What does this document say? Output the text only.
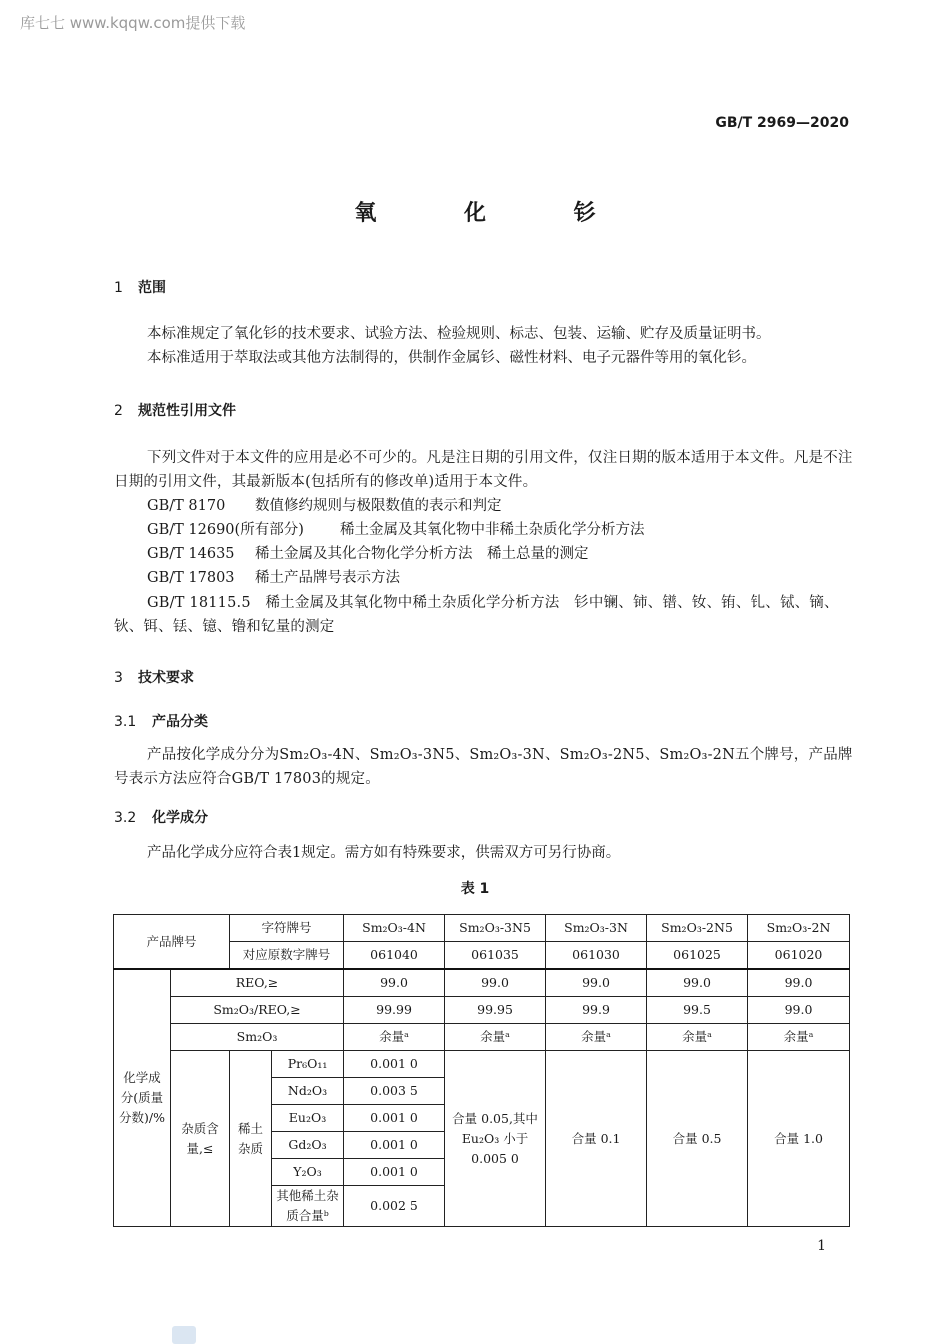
库七七 www.kqqw.com提供下载
GB/T 2969—2020
氧 化 钐
1 范围
本标准规定了氧化钐的技术要求、试验方法、检验规则、标志、包装、运输、贮存及质量证明书。
本标准适用于萃取法或其他方法制得的，供制作金属钐、磁性材料、电子元器件等用的氧化钐。
2 规范性引用文件
下列文件对于本文件的应用是必不可少的。凡是注日期的引用文件，仅注日期的版本适用于本文件。凡是不注日期的引用文件，其最新版本(包括所有的修改单)适用于本文件。
GB/T 8170 数值修约规则与极限数值的表示和判定
GB/T 12690(所有部分) 稀土金属及其氧化物中非稀土杂质化学分析方法
GB/T 14635 稀土金属及其化合物化学分析方法　稀土总量的测定
GB/T 17803 稀土产品牌号表示方法
GB/T 18115.5　稀土金属及其氧化物中稀土杂质化学分析方法　钐中镧、铈、镨、钕、铕、钆、铽、镝、钬、铒、铥、镱、镥和钇量的测定
3 技术要求
3.1 产品分类
产品按化学成分分为Sm₂O₃-4N、Sm₂O₃-3N5、Sm₂O₃-3N、Sm₂O₃-2N5、Sm₂O₃-2N五个牌号，产品牌号表示方法应符合GB/T 17803的规定。
3.2 化学成分
产品化学成分应符合表1规定。需方如有特殊要求，供需双方可另行协商。
表 1
产品牌号		字符牌号		Sm₂O₃-4N	Sm₂O₃-3N5	Sm₂O₃-3N	Sm₂O₃-2N5	Sm₂O₃-2N
		对应原数字牌号		061040	061035	061030	061025	061020
化学成分(质量分数)/%	REO,≥			99.0	99.0	99.0	99.0	99.0
	Sm₂O₃/REO,≥			99.99	99.95	99.9	99.5	99.0
	Sm₂O₃			余量ᵃ	余量ᵃ	余量ᵃ	余量ᵃ	余量ᵃ
	杂质含量,≤	稀土杂质	Pr₆O₁₁	0.001 0	合量 0.05,其中 Eu₂O₃ 小于 0.005 0	合量 0.1	合量 0.5	合量 1.0
			Nd₂O₃	0.003 5				
			Eu₂O₃	0.001 0				
			Gd₂O₃	0.001 0				
			Y₂O₃	0.001 0				
			其他稀土杂质合量ᵇ	0.002 5				
1
